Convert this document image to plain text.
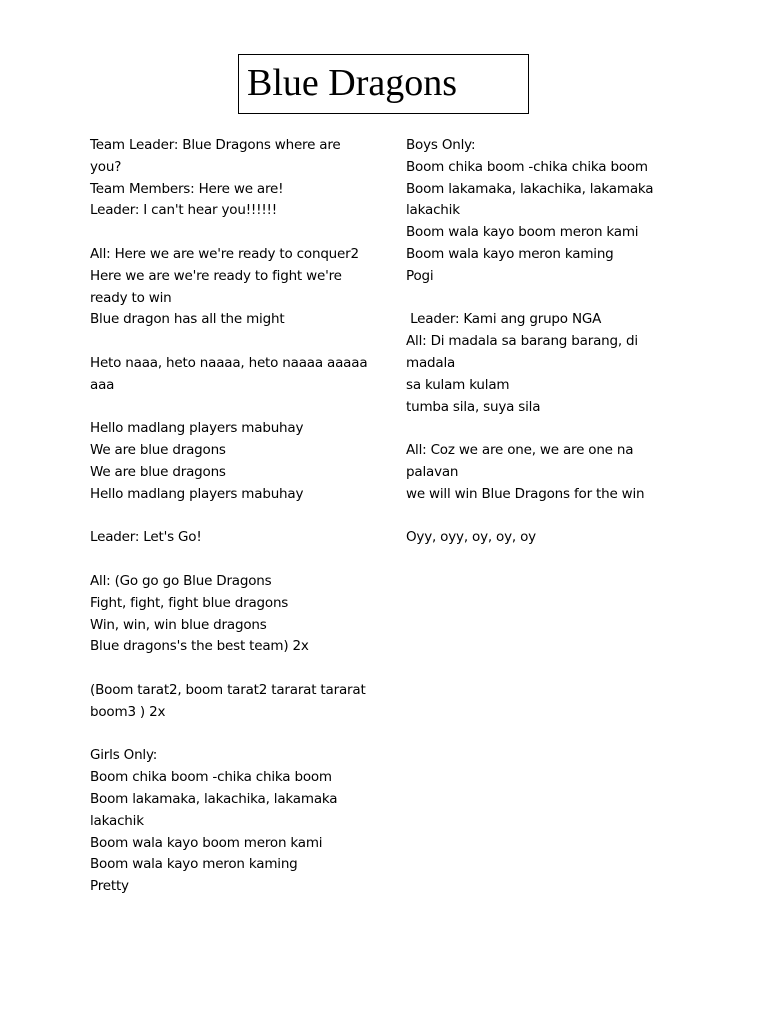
Blue Dragons
Team Leader: Blue Dragons where are you?
Team Members: Here we are!
Leader: I can't hear you!!!!!!
All: Here we are we're ready to conquer2
Here we are we're ready to fight we're
ready to win
Blue dragon has all the might
Heto naaa, heto naaaa, heto naaaa aaaaa
aaa
Hello madlang players mabuhay
We are blue dragons
We are blue dragons
Hello madlang players mabuhay
Leader: Let's Go!
All: (Go go go Blue Dragons
Fight, fight, fight blue dragons
Win, win, win blue dragons
Blue dragons's the best team) 2x
(Boom tarat2, boom tarat2 tararat tararat
boom3 ) 2x
Girls Only:
Boom chika boom -chika chika boom
Boom lakamaka, lakachika, lakamaka
lakachik
Boom wala kayo boom meron kami
Boom wala kayo meron kaming
Pretty
Boys Only:
Boom chika boom -chika chika boom
Boom lakamaka, lakachika, lakamaka
lakachik
Boom wala kayo boom meron kami
Boom wala kayo meron kaming
Pogi
Leader: Kami ang grupo NGA
All: Di madala sa barang barang, di madala
sa kulam kulam
tumba sila, suya sila
All: Coz we are one, we are one na palavan
we will win Blue Dragons for the win
Oyy, oyy, oy, oy, oy
